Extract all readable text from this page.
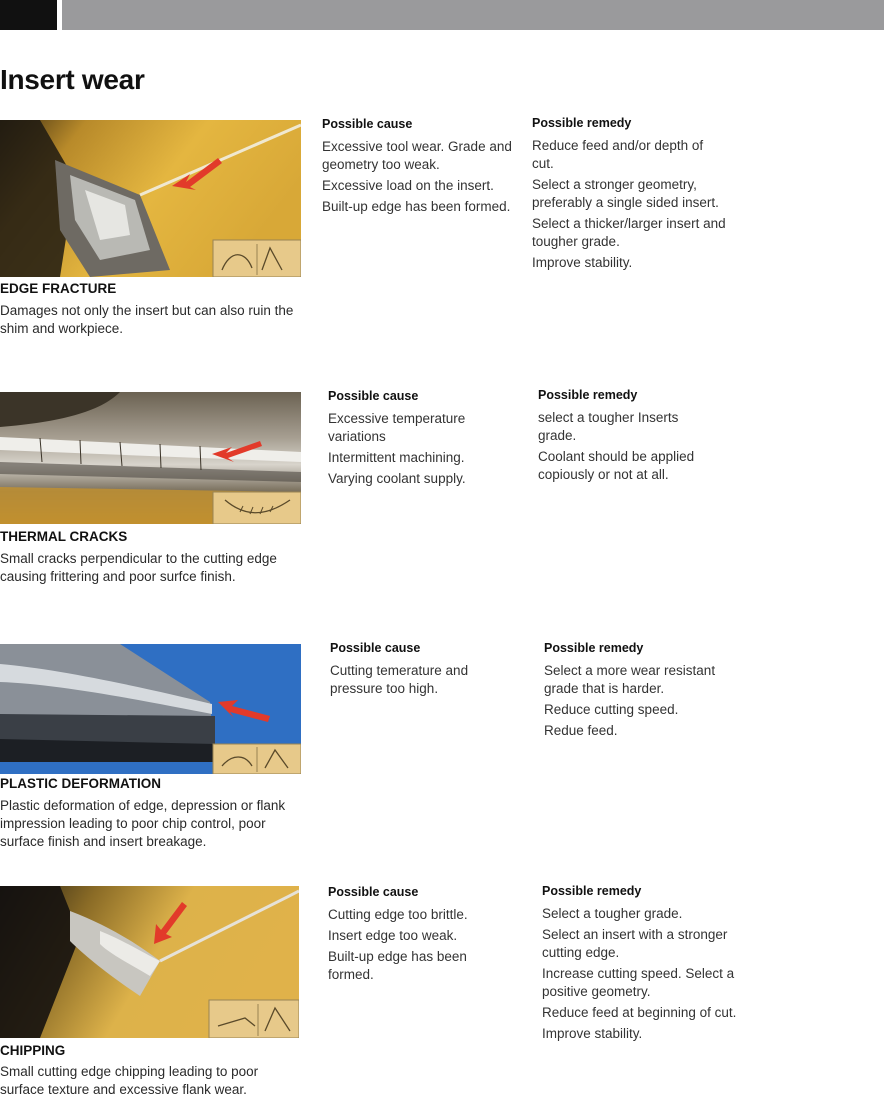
Insert wear
EDGE FRACTURE

Damages not only the insert but can also ruin the shim and workpiece.

Possible cause
Excessive tool wear. Grade and geometry too weak.
Excessive load on the insert.
Built-up edge has been formed.
Possible remedy
Reduce feed and/or depth of cut.
Select a stronger geometry, preferably a single sided insert.
Select a thicker/larger insert and tougher grade.
Improve stability.
THERMAL CRACKS

Small cracks perpendicular to the cutting edge causing frittering and poor surfce finish.

Possible cause
Excessive temperature variations
Intermittent machining.
Varying coolant supply.
Possible remedy
select a tougher Inserts grade.
Coolant should be applied copiously or not at all.
PLASTIC DEFORMATION

Plastic deformation of edge, depression or flank impression leading to poor chip control, poor surface finish and insert breakage.

Possible cause
Cutting temerature and pressure too high.
Possible remedy
Select a more wear resistant grade that is harder.
Reduce cutting speed.
Redue feed.
CHIPPING

Small cutting edge chipping leading to poor surface texture and excessive flank wear.

Possible cause
Cutting edge too brittle.
Insert edge too weak.
Built-up edge has been formed.
Possible remedy
Select a tougher grade.
Select an insert with a stronger cutting edge.
Increase cutting speed. Select a positive geometry.
Reduce feed at beginning of cut.
Improve stability.
